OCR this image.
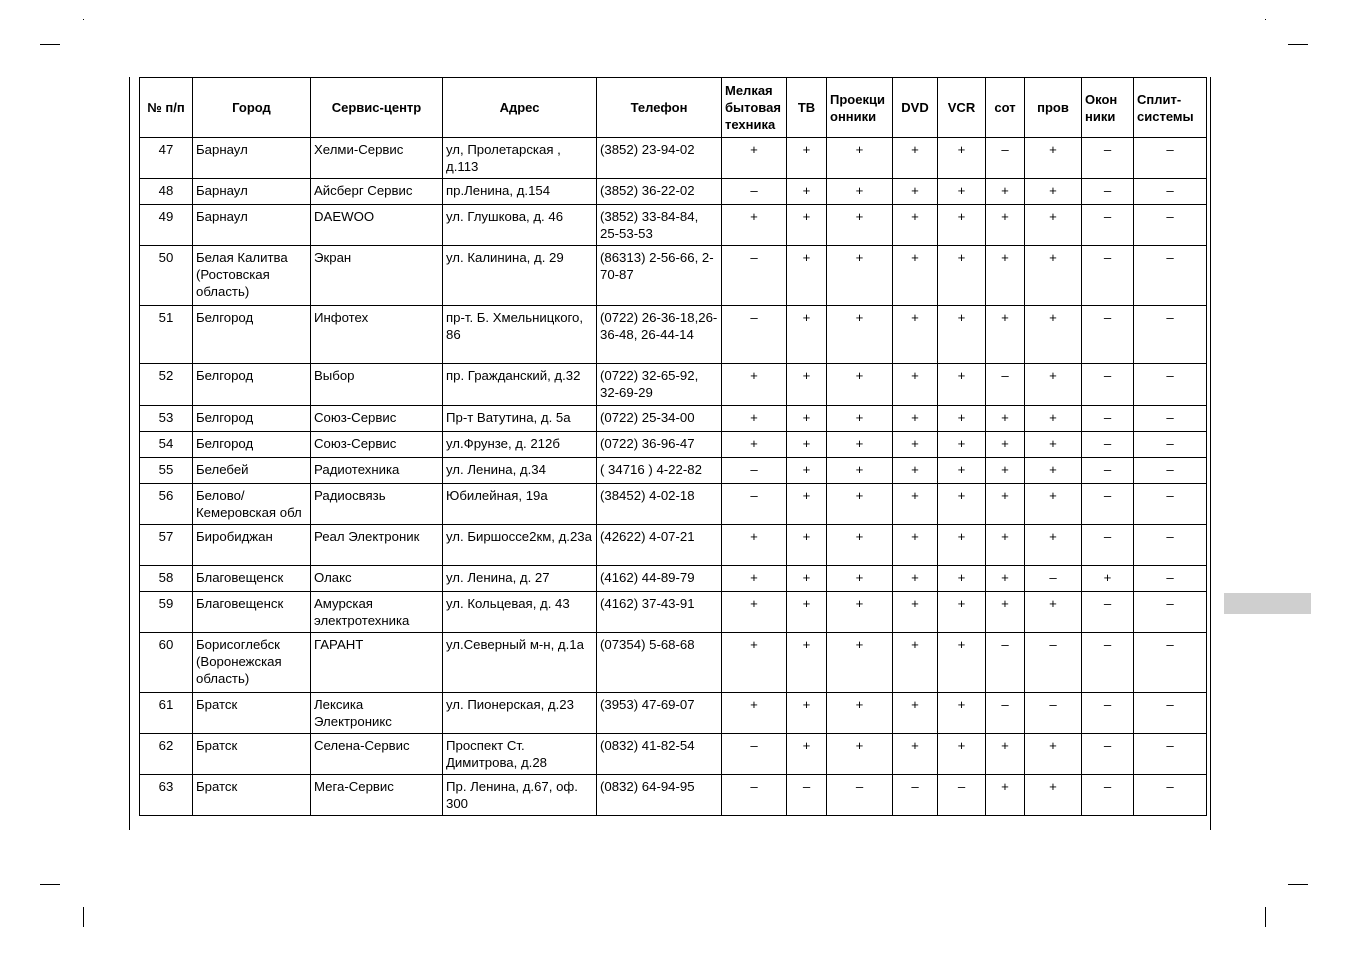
№ п/п	Город	Сервис-центр	Адрес	Телефон	Мелкая бытовая техника	ТВ	Проекци онники	DVD	VCR	сот	пров	Окон ники	Сплит-системы
47	Барнаул	Хелми-Сервис	ул, Пролетарская , д.113	(3852) 23-94-02	+	+	+	+	+	–	+	–	–
48	Барнаул	Айсберг Сервис	пр.Ленина, д.154	(3852) 36-22-02	–	+	+	+	+	+	+	–	–
49	Барнаул	DAEWOO	ул. Глушкова, д. 46	(3852) 33-84-84, 25-53-53	+	+	+	+	+	+	+	–	–
50	Белая Калитва (Ростовская область)	Экран	ул. Калинина, д. 29	(86313) 2-56-66, 2-70-87	–	+	+	+	+	+	+	–	–
51	Белгород	Инфотех	пр-т. Б. Хмельницкого, 86	(0722) 26-36-18,26-36-48, 26-44-14	–	+	+	+	+	+	+	–	–
52	Белгород	Выбор	пр. Гражданский, д.32	(0722) 32-65-92, 32-69-29	+	+	+	+	+	–	+	–	–
53	Белгород	Союз-Сервис	Пр-т Ватутина, д. 5а	(0722) 25-34-00	+	+	+	+	+	+	+	–	–
54	Белгород	Союз-Сервис	ул.Фрунзе, д. 212б	(0722) 36-96-47	+	+	+	+	+	+	+	–	–
55	Белебей	Радиотехника	ул. Ленина, д.34	( 34716 ) 4-22-82	–	+	+	+	+	+	+	–	–
56	Белово/Кемеровская обл	Радиосвязь	Юбилейная, 19а	(38452) 4-02-18	–	+	+	+	+	+	+	–	–
57	Биробиджан	Реал Электроник	ул. Биршоссе2км, д.23а	(42622) 4-07-21	+	+	+	+	+	+	+	–	–
58	Благовещенск	Олакс	ул. Ленина, д. 27	(4162) 44-89-79	+	+	+	+	+	+	–	+	–
59	Благовещенск	Амурская электротехника	ул. Кольцевая, д. 43	(4162) 37-43-91	+	+	+	+	+	+	+	–	–
60	Борисоглебск (Воронежская область)	ГАРАНТ	ул.Северный м-н, д.1а	(07354) 5-68-68	+	+	+	+	+	–	–	–	–
61	Братск	Лексика Электроникс	ул. Пионерская, д.23	(3953) 47-69-07	+	+	+	+	+	–	–	–	–
62	Братск	Селена-Сервис	Проспект Ст. Димитрова, д.28	(0832) 41-82-54	–	+	+	+	+	+	+	–	–
63	Братск	Мега-Сервис	Пр. Ленина, д.67, оф. 300	(0832) 64-94-95	–	–	–	–	–	+	+	–	–
